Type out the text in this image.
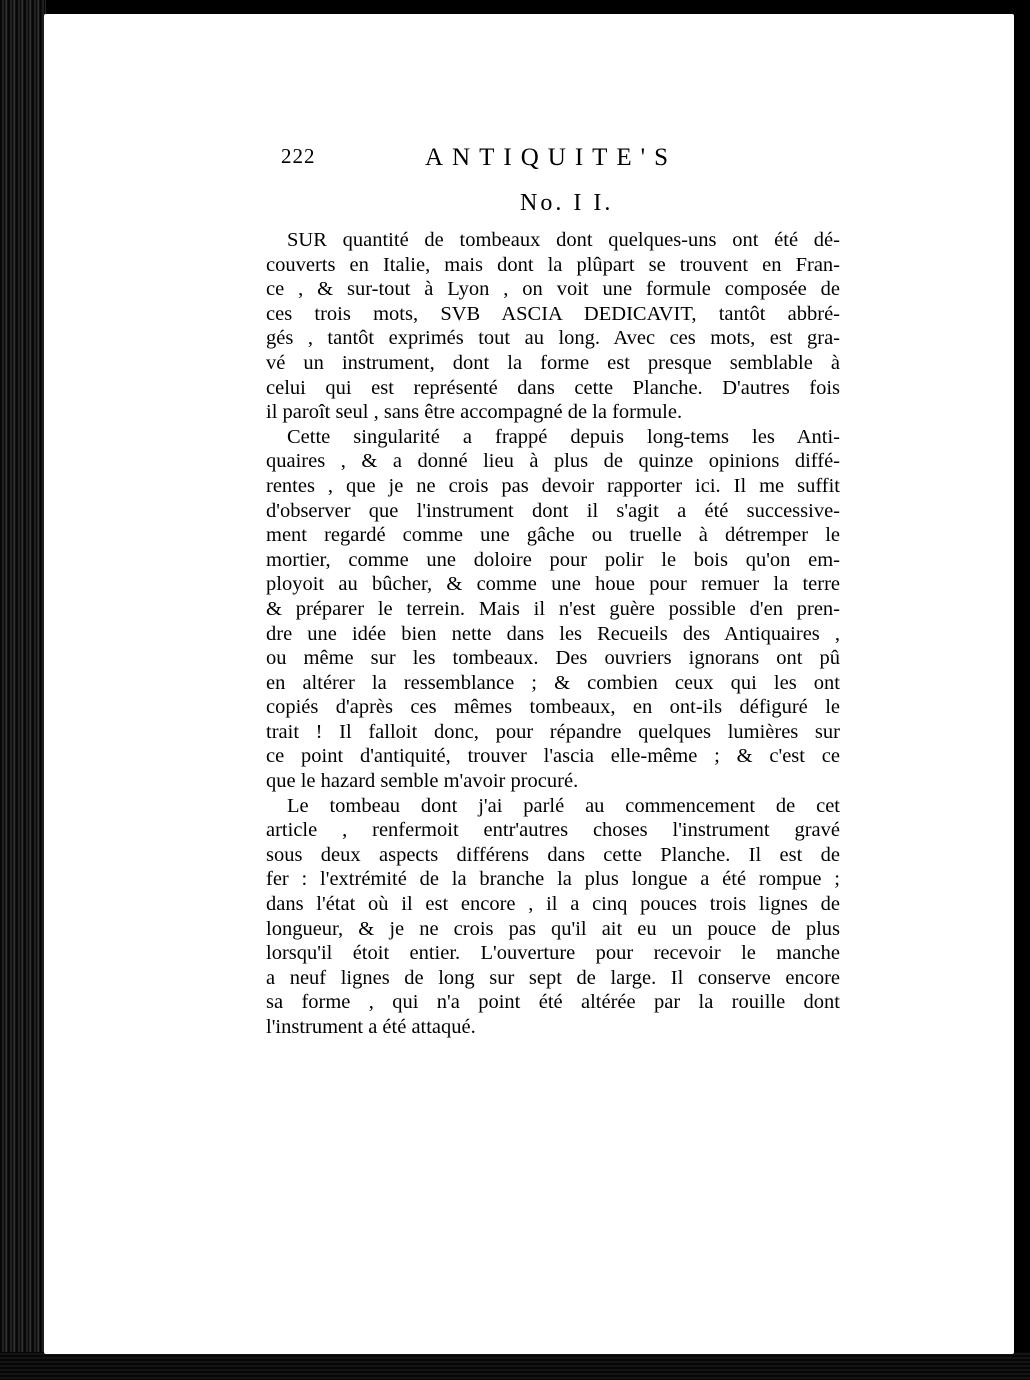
222	ANTIQUITE'S
No. I I.
SUR quantité de tombeaux dont quelques-uns ont été dé-
couverts en Italie, mais dont la plûpart se trouvent en Fran-
ce , & sur-tout à Lyon , on voit une formule composée de
ces trois mots, SVB ASCIA DEDICAVIT, tantôt abbré-
gés , tantôt exprimés tout au long. Avec ces mots, est gra-
vé un instrument, dont la forme est presque semblable à
celui qui est représenté dans cette Planche. D'autres fois
il paroît seul , sans être accompagné de la formule.
Cette singularité a frappé depuis long-tems les Anti-
quaires , & a donné lieu à plus de quinze opinions diffé-
rentes , que je ne crois pas devoir rapporter ici. Il me suffit
d'observer que l'instrument dont il s'agit a été successive-
ment regardé comme une gâche ou truelle à détremper le
mortier, comme une doloire pour polir le bois qu'on em-
ployoit au bûcher, & comme une houe pour remuer la terre
& préparer le terrein. Mais il n'est guère possible d'en pren-
dre une idée bien nette dans les Recueils des Antiquaires ,
ou même sur les tombeaux. Des ouvriers ignorans ont pû
en altérer la ressemblance ; & combien ceux qui les ont
copiés d'après ces mêmes tombeaux, en ont-ils défiguré le
trait ! Il falloit donc, pour répandre quelques lumières sur
ce point d'antiquité, trouver l'ascia elle-même ; & c'est ce
que le hazard semble m'avoir procuré.
Le tombeau dont j'ai parlé au commencement de cet
article , renfermoit entr'autres choses l'instrument gravé
sous deux aspects différens dans cette Planche. Il est de
fer : l'extrémité de la branche la plus longue a été rompue ;
dans l'état où il est encore , il a cinq pouces trois lignes de
longueur, & je ne crois pas qu'il ait eu un pouce de plus
lorsqu'il étoit entier. L'ouverture pour recevoir le manche
a neuf lignes de long sur sept de large. Il conserve encore
sa forme , qui n'a point été altérée par la rouille dont
l'instrument a été attaqué.
